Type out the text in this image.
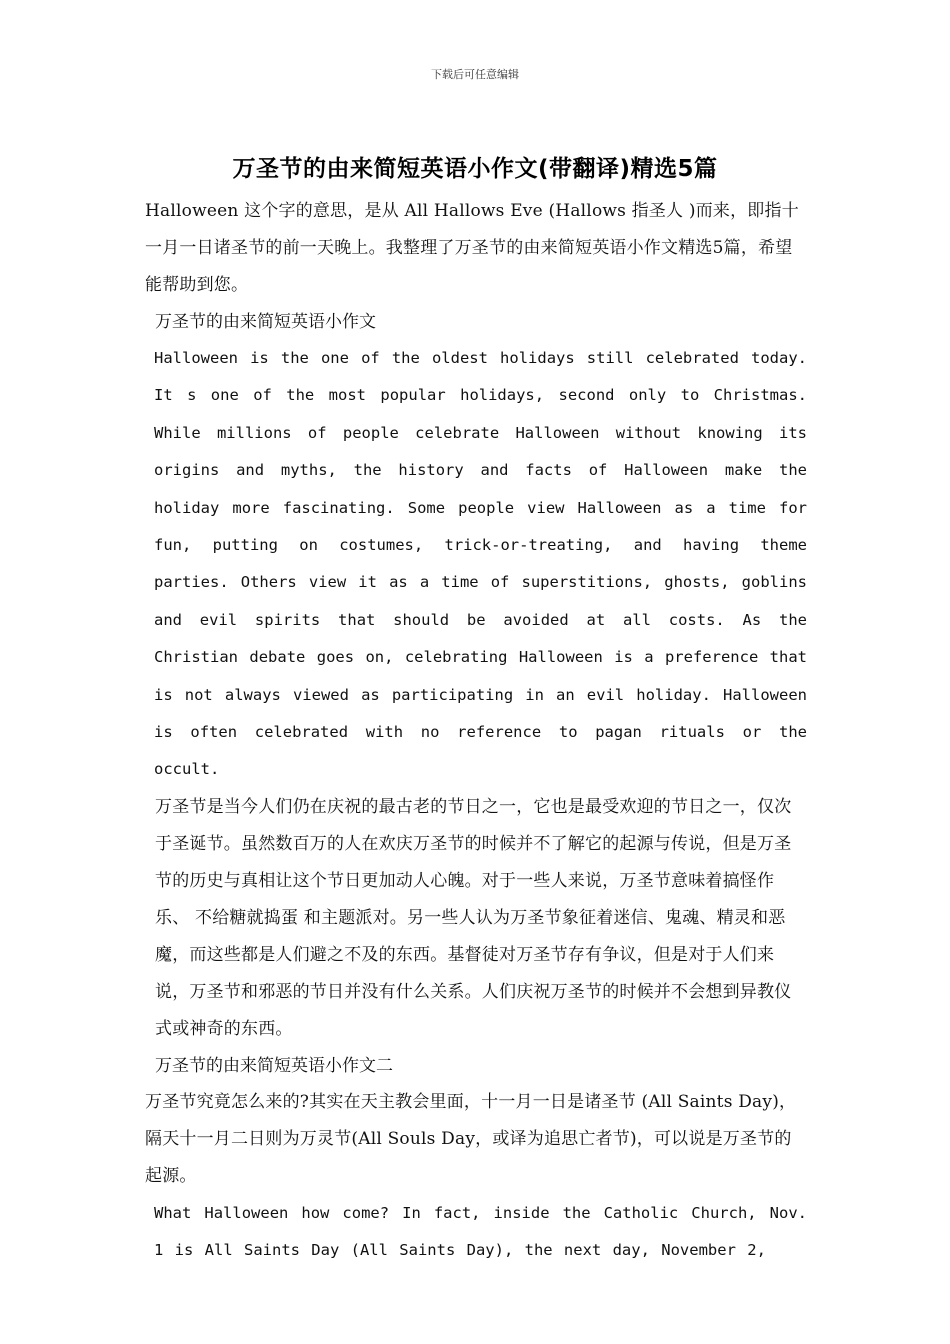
下载后可任意编辑
万圣节的由来简短英语小作文(带翻译)精选5篇

Halloween 这个字的意思，是从 All Hallows Eve (Hallows 指圣人 )而来，即指十一月一日诸圣节的前一天晚上。我整理了万圣节的由来简短英语小作文精选5篇，希望能帮助到您。

万圣节的由来简短英语小作文

Halloween is the one of the oldest holidays still celebrated today. It s one of the most popular holidays, second only to Christmas. While millions of people celebrate Halloween without knowing its origins and myths, the history and facts of Halloween make the holiday more fascinating. Some people view Halloween as a time for fun, putting on costumes, trick-or-treating, and having theme parties. Others view it as a time of superstitions, ghosts, goblins and evil spirits that should be avoided at all costs. As the Christian debate goes on, celebrating Halloween is a preference that is not always viewed as participating in an evil holiday. Halloween is often celebrated with no reference to pagan rituals or the occult.

万圣节是当今人们仍在庆祝的最古老的节日之一，它也是最受欢迎的节日之一，仅次于圣诞节。虽然数百万的人在欢庆万圣节的时候并不了解它的起源与传说，但是万圣节的历史与真相让这个节日更加动人心魄。对于一些人来说，万圣节意味着搞怪作乐、 不给糖就捣蛋 和主题派对。另一些人认为万圣节象征着迷信、鬼魂、精灵和恶魔，而这些都是人们避之不及的东西。基督徒对万圣节存有争议，但是对于人们来说，万圣节和邪恶的节日并没有什么关系。人们庆祝万圣节的时候并不会想到异教仪式或神奇的东西。

万圣节的由来简短英语小作文二

万圣节究竟怎么来的?其实在天主教会里面，十一月一日是诸圣节 (All Saints Day)，隔天十一月二日则为万灵节(All Souls Day，或译为追思亡者节)，可以说是万圣节的起源。

What Halloween how come? In fact, inside the Catholic Church, Nov. 1 is All Saints Day (All Saints Day), the next day, November 2,
